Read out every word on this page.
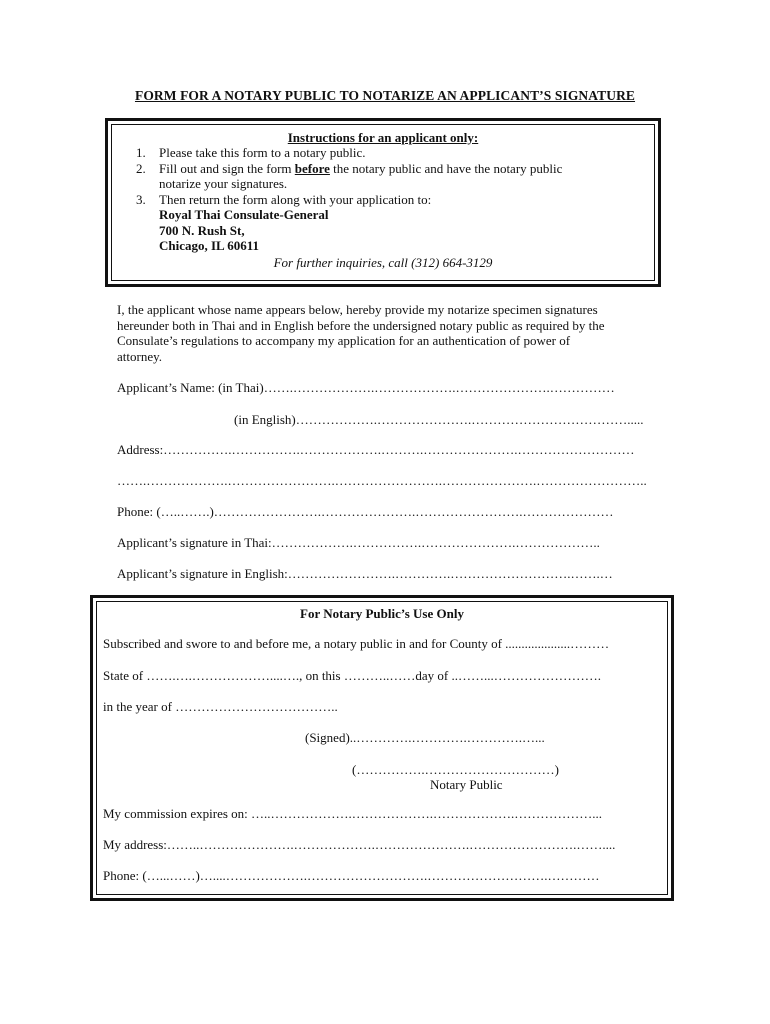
FORM FOR A NOTARY PUBLIC TO NOTARIZE AN APPLICANT’S SIGNATURE
Instructions for an applicant only:
1.	Please take this form to a notary public.
2.	Fill out and sign the form before the notary public and have the notary public
notarize your signatures.
3.	Then return the form along with your application to:
Royal Thai Consulate-General
700 N. Rush St,
Chicago, IL 60611
For further inquiries, call (312) 664-3129
I, the applicant whose name appears below, hereby provide my notarize specimen signatures
hereunder both in Thai and in English before the undersigned notary public as required by the
Consulate’s regulations to accompany my application for an authentication of power of
attorney.
Applicant’s Name: (in Thai)…….……………….……………….………………….……………
(in English)……………….………………….……………………………….....
Address:…………….…………….……………….……….………………….………………………
…….……………….…………………….…………………….………………….……………………..
Phone: (…..…….)…………………….………………….…………………….…………………
Applicant’s signature in Thai:……………….…………….………………….………………..
Applicant’s signature in English:…………………….………….……………………….…….…
For Notary Public’s Use Only
Subscribed and swore to and before me, a notary public in and for County of ....................………
State of …….….………………....…., on this ………..……day of ..……...…………………….
in the year of ………………………………..
(Signed)..………….………….………….…...
(…………….…………………………)
Notary Public
My commission expires on: …..……………….……………….……………….………………...
My address:……..………………….……………….………………….…………………….……....
Phone: (…...……)…....……………….……………………….……………………….…………
